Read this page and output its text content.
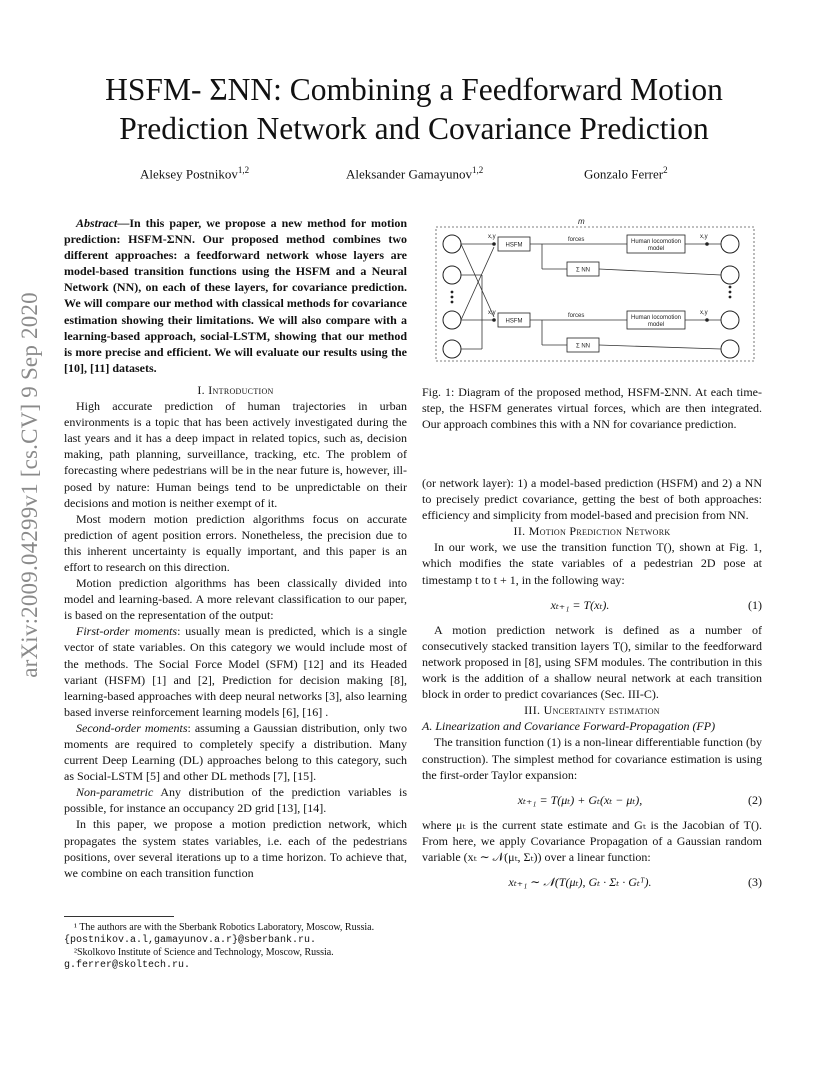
arXiv:2009.04299v1 [cs.CV] 9 Sep 2020
HSFM- ΣNN: Combining a Feedforward Motion Prediction Network and Covariance Prediction
Aleksey Postnikov$^{1,2}$	Aleksander Gamayunov$^{1,2}$	Gonzalo Ferrer$^2$

Abstract—In this paper, we propose a new method for motion prediction: HSFM-ΣNN. Our proposed method combines two different approaches: a feedforward network whose layers are model-based transition functions using the HSFM and a Neural Network (NN), on each of these layers, for covariance prediction. We will compare our method with classical methods for covariance estimation showing their limitations. We will also compare with a learning-based approach, social-LSTM, showing that our method is more precise and efficient. We will evaluate our results using the [10], [11] datasets.

I. Introduction

High accurate prediction of human trajectories in urban environments is a topic that has been actively investigated during the last years and it has a deep impact in related topics, such as, decision making, path planning, surveillance, tracking, etc. The problem of forecasting where pedestrians will be in the near future is, however, ill-posed by nature: Human beings tend to be unpredictable on their decisions and motion is neither exempt of it.

Most modern motion prediction algorithms focus on accurate prediction of agent position errors. Nonetheless, the precision due to this inherent uncertainty is equally important, and this paper is an effort to research on this direction.

Motion prediction algorithms has been classically divided into model and learning-based. A more relevant classification to our paper, is based on the representation of the output:

First-order moments: usually mean is predicted, which is a single vector of state variables. On this category we would include most of the methods. The Social Force Model (SFM) [12] and its Headed variant (HSFM) [1] and [2], Prediction for decision making [8], learning-based approaches with deep neural networks [3], also learning based inverse reinforcement learning models [6], [16] .

Second-order moments: assuming a Gaussian distribution, only two moments are required to completely specify a distribution. Many current Deep Learning (DL) approaches belong to this category, such as Social-LSTM [5] and other DL methods [7], [15].

Non-parametric Any distribution of the prediction variables is possible, for instance an occupancy 2D grid [13], [14].

In this paper, we propose a motion prediction network, which propagates the system states variables, i.e. each of the pedestrians positions, over several iterations up to a time horizon. To achieve that, we combine on each transition function

¹ The authors are with the Sberbank Robotics Laboratory, Moscow, Russia.
{postnikov.a.l,gamayunov.a.r}@sberbank.ru.
²Skolkovo Institute of Science and Technology, Moscow, Russia.
g.ferrer@skoltech.ru.
m
x,y
HSFM
forces	Human locomotion
model
x,y
Σ NN
x,y
HSFM
forces	Human locomotion
model
x,y
Σ NN

Fig. 1: Diagram of the proposed method, HSFM-ΣNN. At each time-step, the HSFM generates virtual forces, which are then integrated. Our approach combines this with a NN for covariance prediction.

(or network layer): 1) a model-based prediction (HSFM) and 2) a NN to precisely predict covariance, getting the best of both approaches: efficiency and simplicity from model-based and precision from NN.

II. Motion Prediction Network

In our work, we use the transition function T(), shown at Fig. 1, which modifies the state variables of a pedestrian 2D pose at timestamp t to t + 1, in the following way:

xₜ₊₁ = T(xₜ).	(1)

A motion prediction network is defined as a number of consecutively stacked transition layers T(), similar to the feedforward network proposed in [8], using SFM modules. The contribution in this work is the addition of a shallow neural network at each transition block in order to predict covariances (Sec. III-C).

III. Uncertainty estimation

A. Linearization and Covariance Forward-Propagation (FP)

The transition function (1) is a non-linear differentiable function (by construction). The simplest method for covariance estimation is using the first-order Taylor expansion:

xₜ₊₁ = T(μₜ) + Gₜ(xₜ − μₜ),	(2)

where μₜ is the current state estimate and Gₜ is the Jacobian of T(). From here, we apply Covariance Propagation of a Gaussian random variable (xₜ ∼ 𝒩(μₜ, Σₜ)) over a linear function:

xₜ₊₁ ∼ 𝒩(T(μₜ), Gₜ · Σₜ · Gₜᵀ).	(3)
